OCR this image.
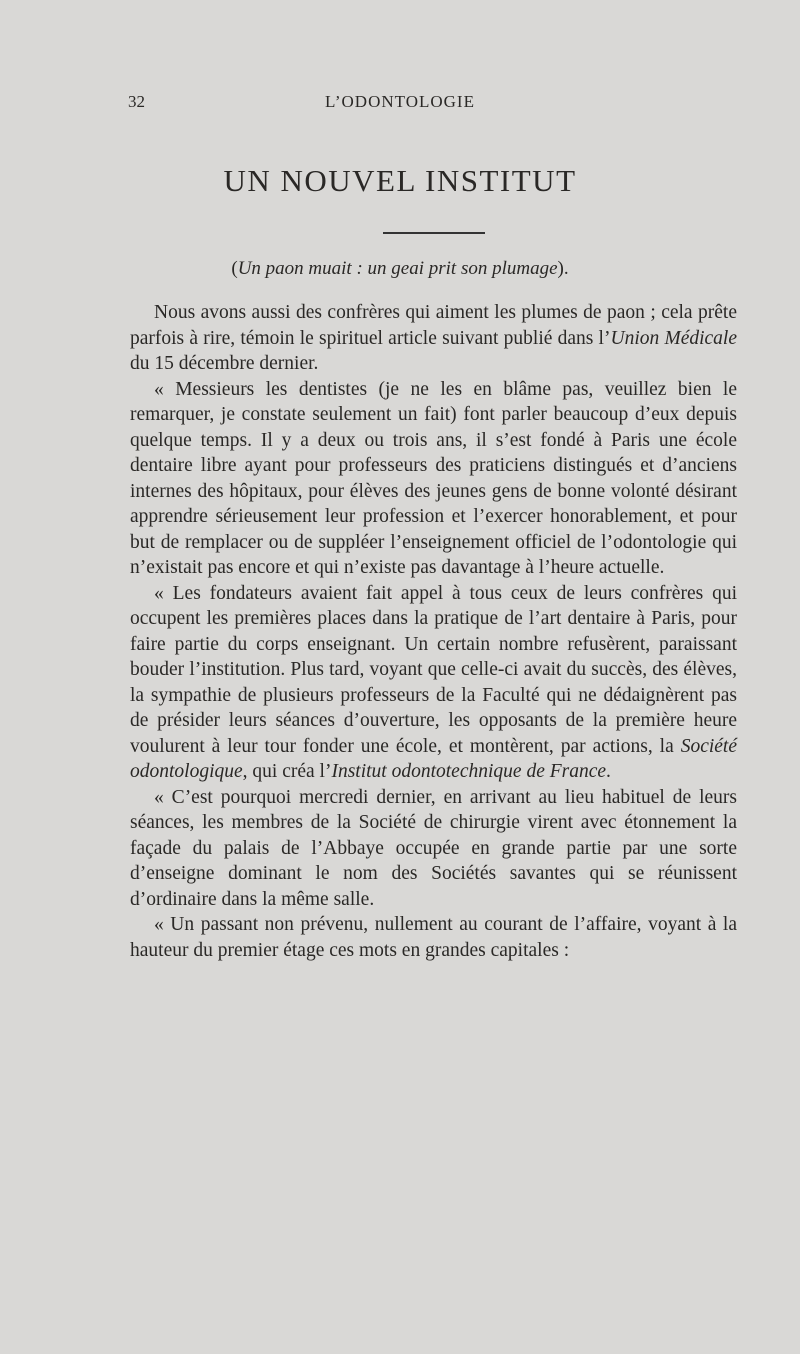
32	L’ODONTOLOGIE
UN NOUVEL INSTITUT
(Un paon muait : un geai prit son plumage).

Nous avons aussi des confrères qui aiment les plumes de paon ; cela prête parfois à rire, témoin le spirituel article suivant publié dans l’Union Médicale du 15 décembre dernier.

« Messieurs les dentistes (je ne les en blâme pas, veuillez bien le remarquer, je constate seulement un fait) font parler beaucoup d’eux depuis quelque temps. Il y a deux ou trois ans, il s’est fondé à Paris une école dentaire libre ayant pour professeurs des praticiens distingués et d’anciens internes des hôpitaux, pour élèves des jeunes gens de bonne volonté désirant apprendre sérieusement leur profession et l’exercer honorablement, et pour but de remplacer ou de suppléer l’enseignement officiel de l’odontologie qui n’existait pas encore et qui n’existe pas davantage à l’heure actuelle.

« Les fondateurs avaient fait appel à tous ceux de leurs confrères qui occupent les premières places dans la pratique de l’art dentaire à Paris, pour faire partie du corps enseignant. Un certain nombre refusèrent, paraissant bouder l’institution. Plus tard, voyant que celle-ci avait du succès, des élèves, la sympathie de plusieurs professeurs de la Faculté qui ne dédaignèrent pas de présider leurs séances d’ouverture, les opposants de la première heure voulurent à leur tour fonder une école, et montèrent, par actions, la Société odontologique, qui créa l’Institut odontotechnique de France.

« C’est pourquoi mercredi dernier, en arrivant au lieu habituel de leurs séances, les membres de la Société de chirurgie virent avec étonnement la façade du palais de l’Abbaye occupée en grande partie par une sorte d’enseigne dominant le nom des Sociétés savantes qui se réunissent d’ordinaire dans la même salle.

« Un passant non prévenu, nullement au courant de l’affaire, voyant à la hauteur du premier étage ces mots en grandes capitales :
